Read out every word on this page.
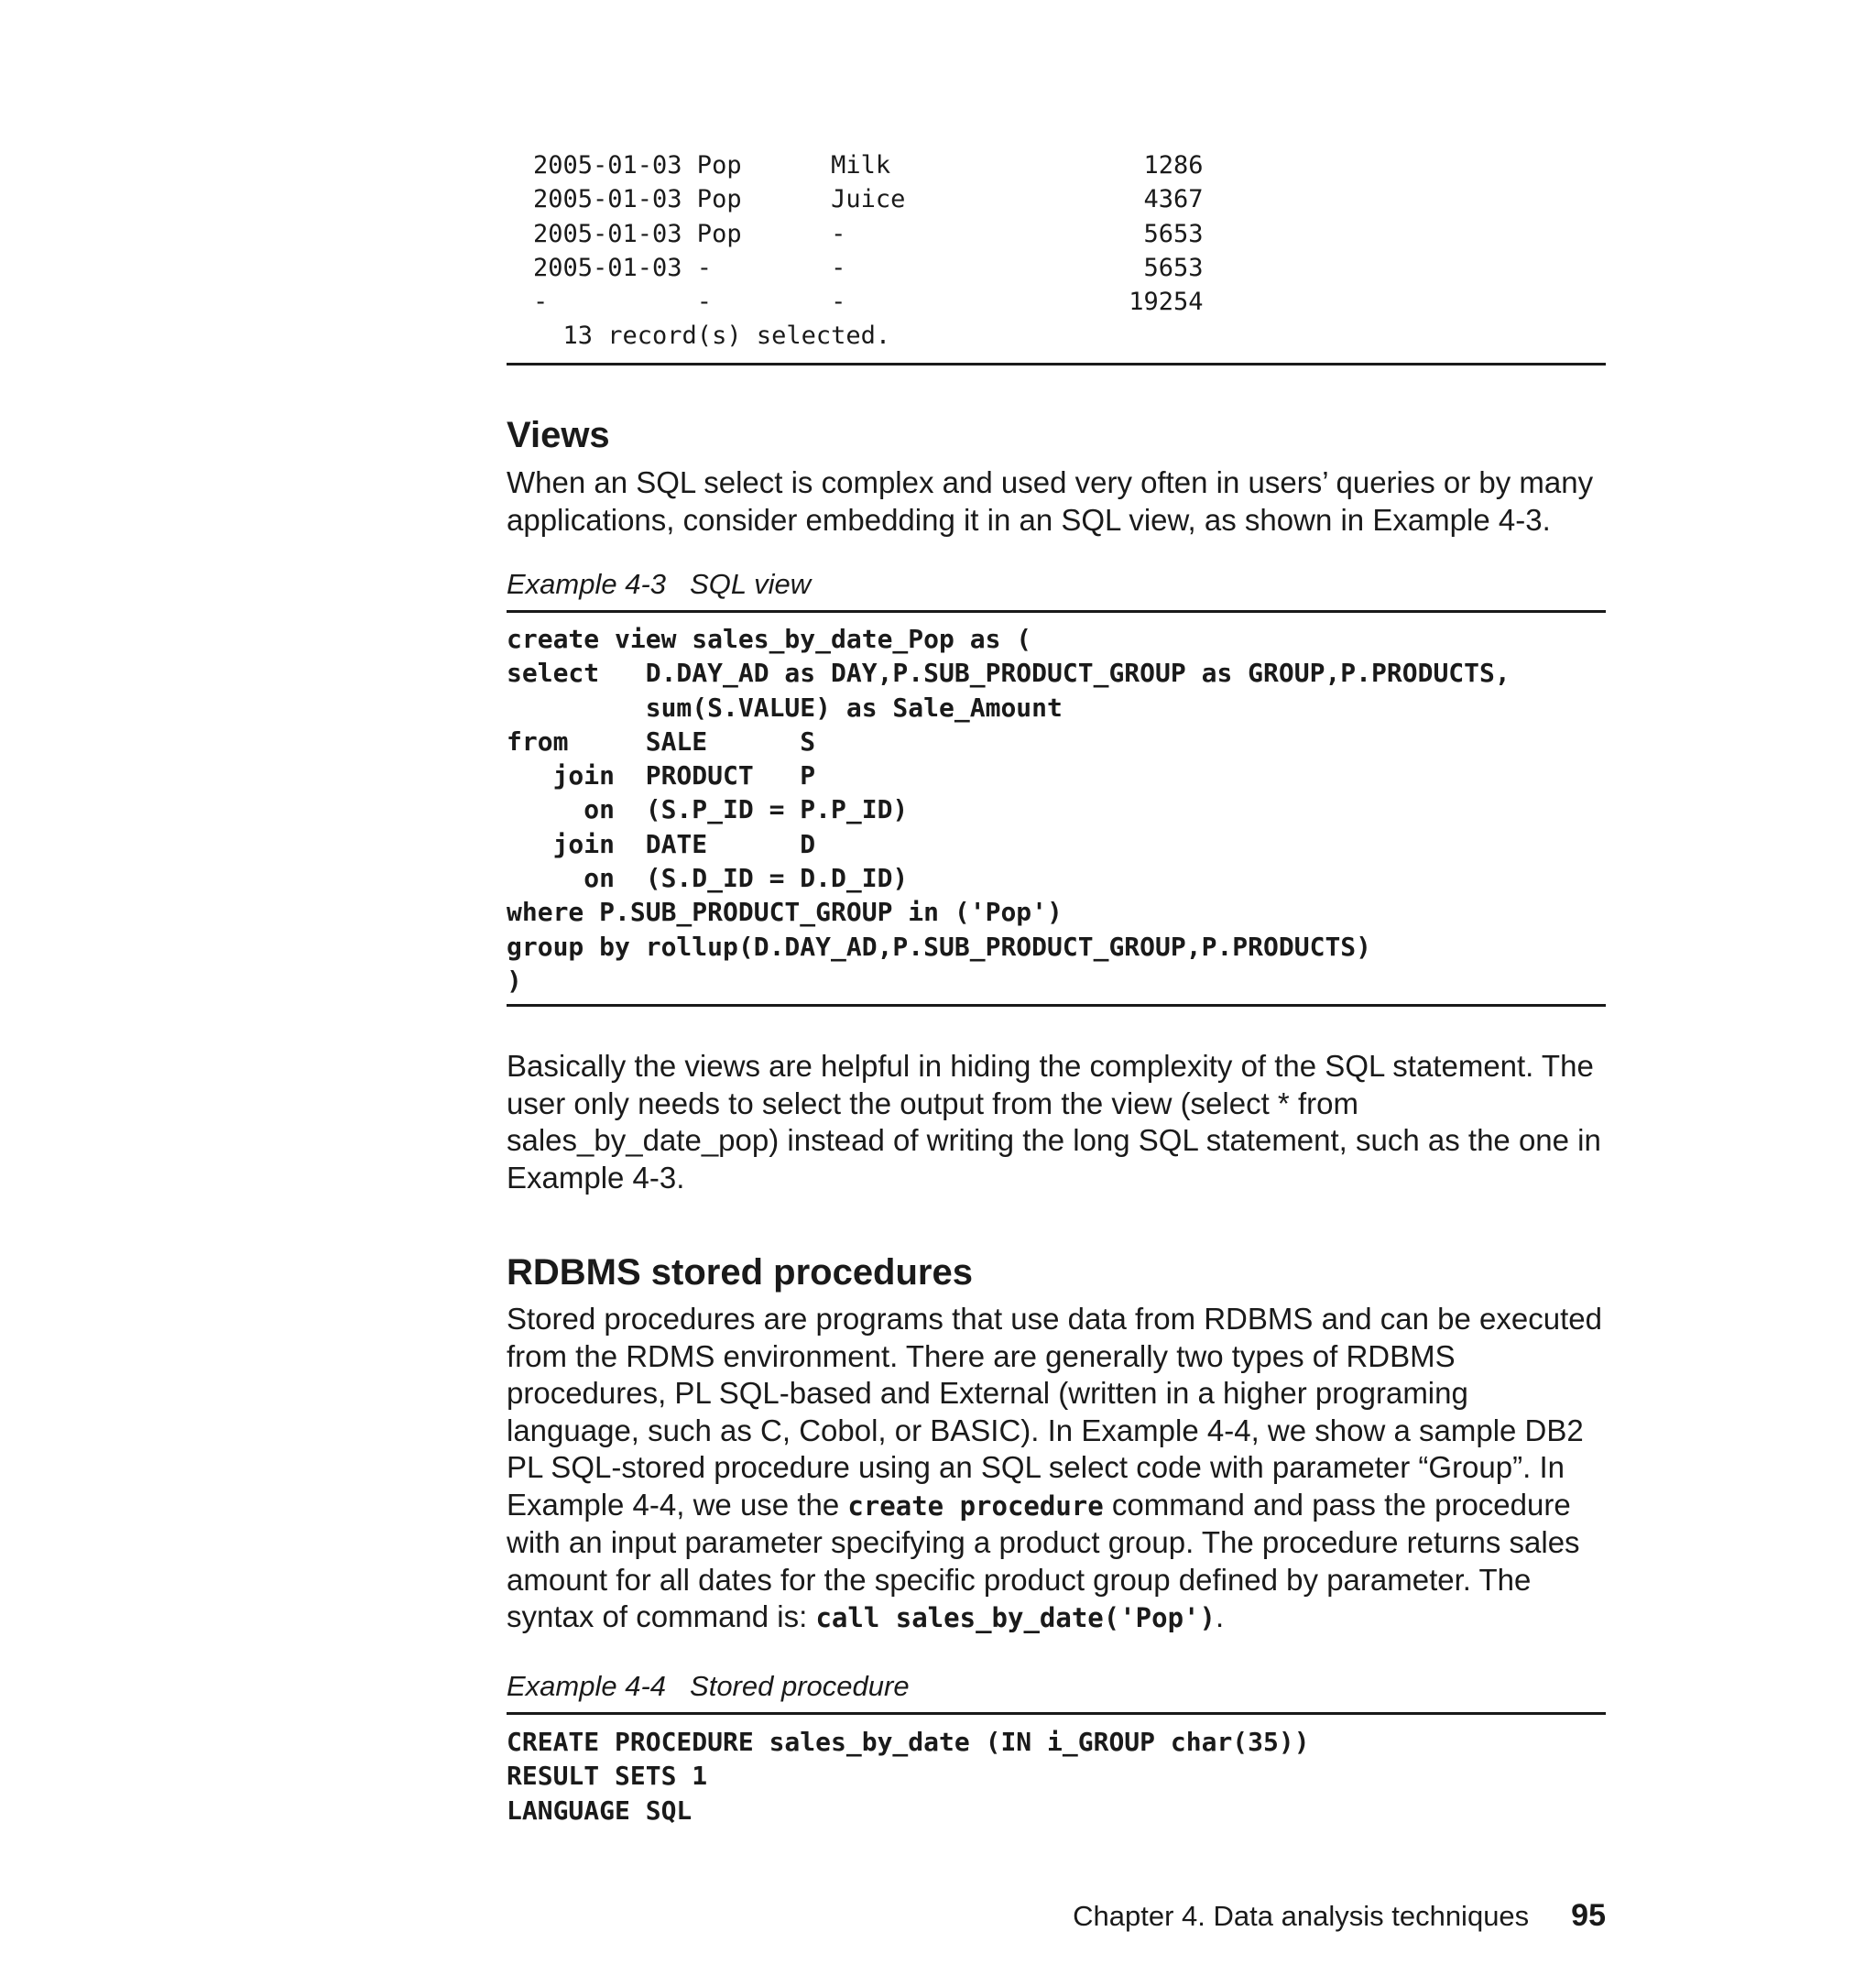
2005-01-03 Pop      Milk                 1286
2005-01-03 Pop      Juice                4367
2005-01-03 Pop      -                    5653
2005-01-03 -        -                    5653
-          -        -                   19254
13 record(s) selected.
Views

When an SQL select is complex and used very often in users’ queries or by many applications, consider embedding it in an SQL view, as shown in Example 4-3.

Example 4-3 SQL view
create view sales_by_date_Pop as (
select   D.DAY_AD as DAY,P.SUB_PRODUCT_GROUP as GROUP,P.PRODUCTS,
sum(S.VALUE) as Sale_Amount
from     SALE      S
join  PRODUCT   P
on  (S.P_ID = P.P_ID)
join  DATE      D
on  (S.D_ID = D.D_ID)
where P.SUB_PRODUCT_GROUP in ('Pop')
group by rollup(D.DAY_AD,P.SUB_PRODUCT_GROUP,P.PRODUCTS)
)

Basically the views are helpful in hiding the complexity of the SQL statement. The user only needs to select the output from the view (select * from sales_by_date_pop) instead of writing the long SQL statement, such as the one in Example 4-3.

RDBMS stored procedures

Stored procedures are programs that use data from RDBMS and can be executed from the RDMS environment. There are generally two types of RDBMS procedures, PL SQL-based and External (written in a higher programing language, such as C, Cobol, or BASIC). In Example 4-4, we show a sample DB2 PL SQL-stored procedure using an SQL select code with parameter “Group”. In Example 4-4, we use the create procedure command and pass the procedure with an input parameter specifying a product group. The procedure returns sales amount for all dates for the specific product group defined by parameter. The syntax of command is: call sales_by_date('Pop').

Example 4-4 Stored procedure
CREATE PROCEDURE sales_by_date (IN i_GROUP char(35))
RESULT SETS 1
LANGUAGE SQL
Chapter 4. Data analysis techniques 95
